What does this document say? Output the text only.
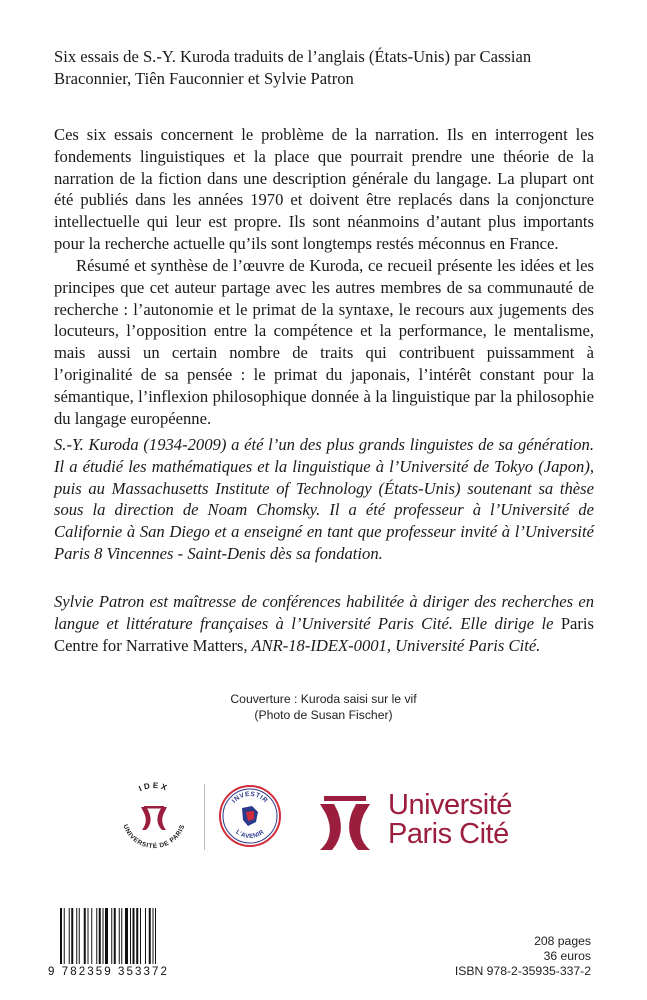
Six essais de S.-Y. Kuroda traduits de l’anglais (États-Unis) par Cassian Braconnier, Tiên Fauconnier et Sylvie Patron
Ces six essais concernent le problème de la narration. Ils en interrogent les fondements linguistiques et la place que pourrait prendre une théorie de la narration de la fiction dans une description générale du langage. La plupart ont été publiés dans les années 1970 et doivent être replacés dans la conjoncture intellectuelle qui leur est propre. Ils sont néanmoins d’autant plus importants pour la recherche actuelle qu’ils sont longtemps restés méconnus en France.
Résumé et synthèse de l’œuvre de Kuroda, ce recueil présente les idées et les principes que cet auteur partage avec les autres membres de sa communauté de recherche : l’autonomie et le primat de la syntaxe, le recours aux jugements des locuteurs, l’opposition entre la compétence et la performance, le mentalisme, mais aussi un certain nombre de traits qui contribuent puissamment à l’originalité de sa pensée : le primat du japonais, l’intérêt constant pour la sémantique, l’inflexion philosophique donnée à la linguistique par la philosophie du langage européenne.
S.-Y. Kuroda (1934-2009) a été l’un des plus grands linguistes de sa génération. Il a étudié les mathématiques et la linguistique à l’Université de Tokyo (Japon), puis au Massachusetts Institute of Technology (États-Unis) soutenant sa thèse sous la direction de Noam Chomsky. Il a été professeur à l’Université de Californie à San Diego et a enseigné en tant que professeur invité à l’Université Paris 8 Vincennes - Saint-Denis dès sa fondation.
Sylvie Patron est maîtresse de conférences habilitée à diriger des recherches en langue et littérature françaises à l’Université Paris Cité. Elle dirige le Paris Centre for Narrative Matters, ANR-18-IDEX-0001, Université Paris Cité.
Couverture : Kuroda saisi sur le vif
(Photo de Susan Fischer)
IDEX
UNIVERSITÉ DE PARIS
INVESTIR
L’AVENIR
Université
Paris Cité
9 782359 353372
208 pages
36 euros
ISBN 978-2-35935-337-2
